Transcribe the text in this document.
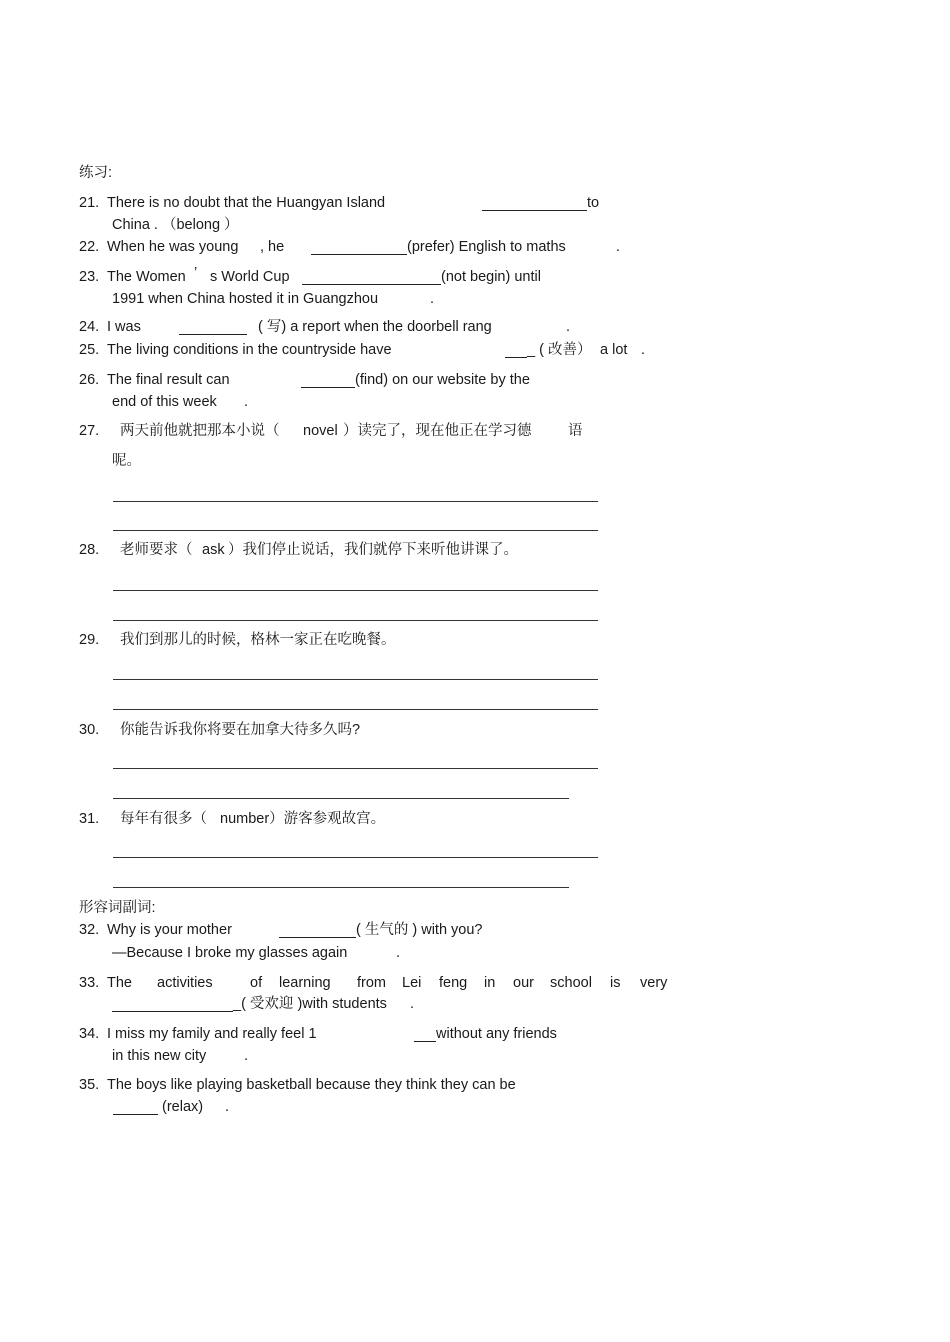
练习:
21. There is no doubt that the Huangyan Island	to
China . （belong ）
22. When he was young , he	(prefer) English to maths	.
23. The Women ’ s World Cup	(not begin) until
1991 when China hosted it in Guangzhou	.
24. I was	( 写) a report when the doorbell rang	.
25. The living conditions in the countryside have	_ ( 改善） a lot .
26. The final result can	(find) on our website by the
end of this week .
27. 两天前他就把那本小说（ novel ）读完了，现在他正在学习德	语
呢。
28. 老师要求（ ask ）我们停止说话，我们就停下来听他讲课了。
29. 我们到那儿的时候，格林一家正在吃晚餐。
30. 你能告诉我你将要在加拿大待多久吗?
31. 每年有很多（ number）游客参观故宫。
形容词副词:
32. Why is your mother	( 生气的 ) with you?
—Because I broke my glasses again	.
33. The activities	of learning from Lei feng in our school is very
_( 受欢迎 )with students .
34. I miss my family and really feel 1	without any friends
in this new city	.
35. The boys like playing basketball because they think they can be
(relax) .
